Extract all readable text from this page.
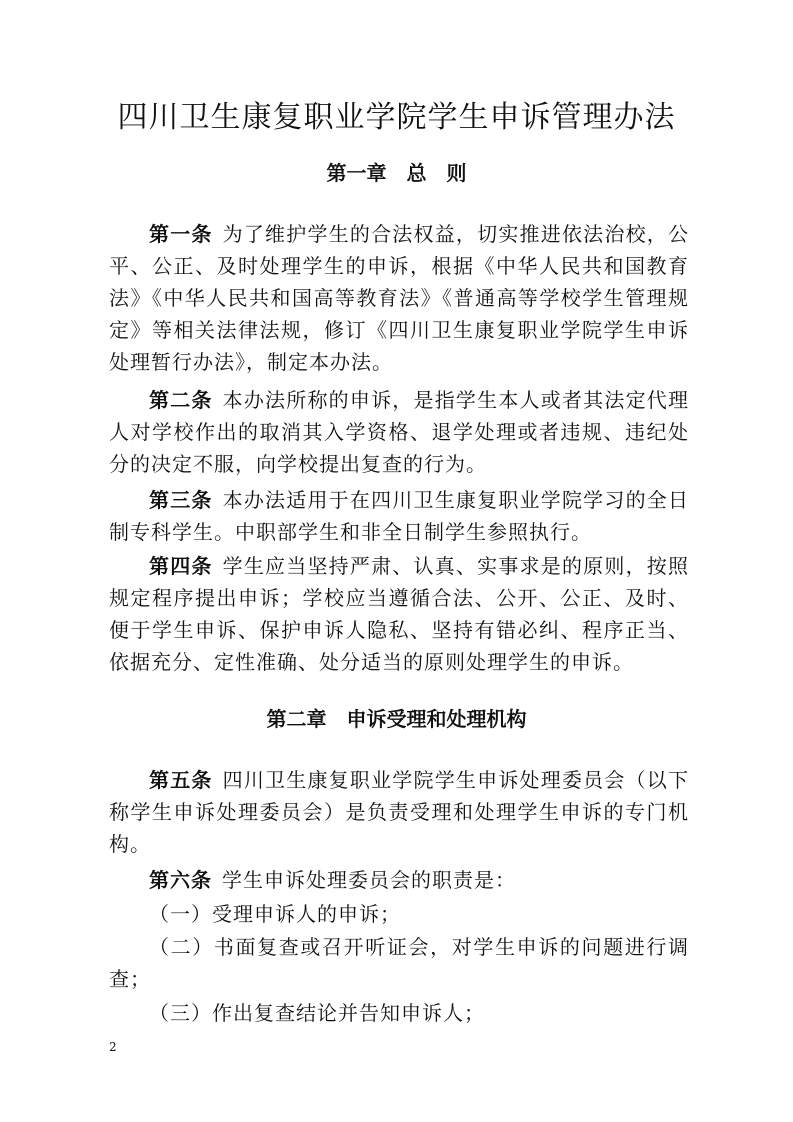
四川卫生康复职业学院学生申诉管理办法
第一章 总　则

第一条 为了维护学生的合法权益，切实推进依法治校，公平、公正、及时处理学生的申诉，根据《中华人民共和国教育法》《中华人民共和国高等教育法》《普通高等学校学生管理规定》等相关法律法规，修订《四川卫生康复职业学院学生申诉处理暂行办法》，制定本办法。

第二条 本办法所称的申诉，是指学生本人或者其法定代理人对学校作出的取消其入学资格、退学处理或者违规、违纪处分的决定不服，向学校提出复查的行为。

第三条 本办法适用于在四川卫生康复职业学院学习的全日制专科学生。中职部学生和非全日制学生参照执行。

第四条 学生应当坚持严肃、认真、实事求是的原则，按照规定程序提出申诉；学校应当遵循合法、公开、公正、及时、便于学生申诉、保护申诉人隐私、坚持有错必纠、程序正当、依据充分、定性准确、处分适当的原则处理学生的申诉。

第二章 申诉受理和处理机构

第五条 四川卫生康复职业学院学生申诉处理委员会（以下称学生申诉处理委员会）是负责受理和处理学生申诉的专门机构。

第六条 学生申诉处理委员会的职责是：

（一）受理申诉人的申诉；

（二）书面复查或召开听证会，对学生申诉的问题进行调查；

（三）作出复查结论并告知申诉人；

2
